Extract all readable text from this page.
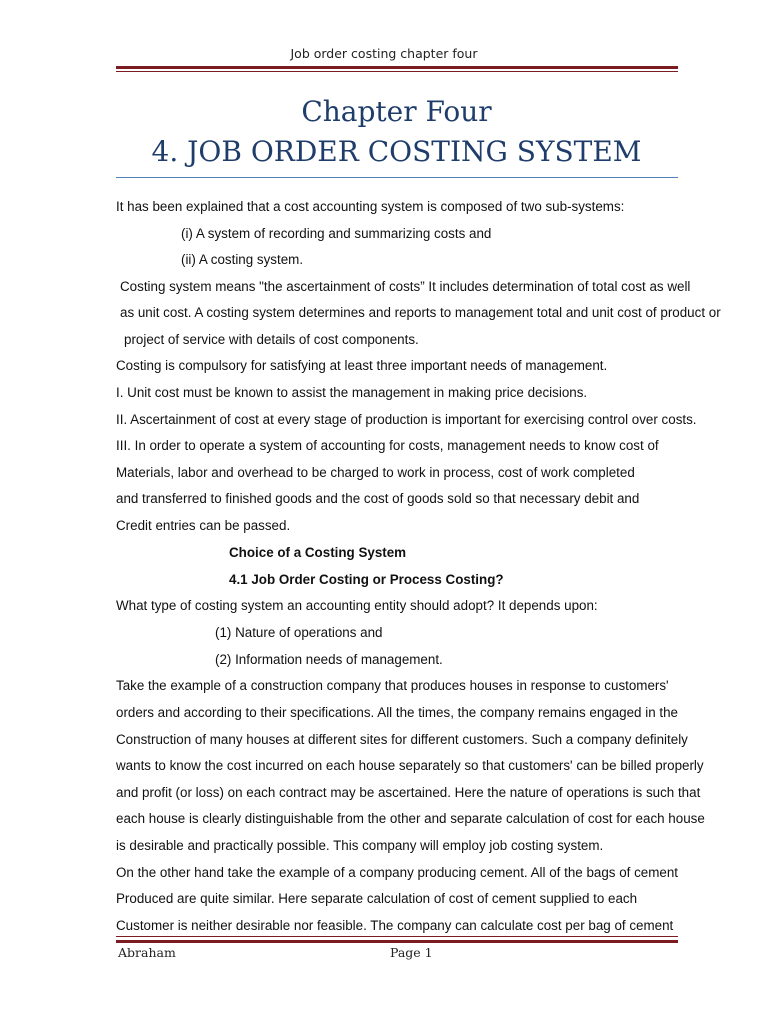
Job order costing chapter four
Chapter Four
4. JOB ORDER COSTING SYSTEM
It has been explained that a cost accounting system is composed of two sub-systems:
(i) A system of recording and summarizing costs and
(ii) A costing system.
Costing system means "the ascertainment of costs” It includes determination of total cost as well
as unit cost. A costing system determines and reports to management total and unit cost of product or
project of service with details of cost components.
Costing is compulsory for satisfying at least three important needs of management.
I. Unit cost must be known to assist the management in making price decisions.
II. Ascertainment of cost at every stage of production is important for exercising control over costs.
III. In order to operate a system of accounting for costs, management needs to know cost of
Materials, labor and overhead to be charged to work in process, cost of work completed
and transferred to finished goods and the cost of goods sold so that necessary debit and
Credit entries can be passed.
Choice of a Costing System
4.1 Job Order Costing or Process Costing?
What type of costing system an accounting entity should adopt? It depends upon:
(1) Nature of operations and
(2) Information needs of management.
Take the example of a construction company that produces houses in response to customers'
orders and according to their specifications. All the times, the company remains engaged in the
Construction of many houses at different sites for different customers. Such a company definitely
wants to know the cost incurred on each house separately so that customers' can be billed properly
and profit (or loss) on each contract may be ascertained. Here the nature of operations is such that
each house is clearly distinguishable from the other and separate calculation of cost for each house
is desirable and practically possible. This company will employ job costing system.
On the other hand take the example of a company producing cement. All of the bags of cement
Produced are quite similar. Here separate calculation of cost of cement supplied to each
Customer is neither desirable nor feasible. The company can calculate cost per bag of cement
Abraham	Page 1
